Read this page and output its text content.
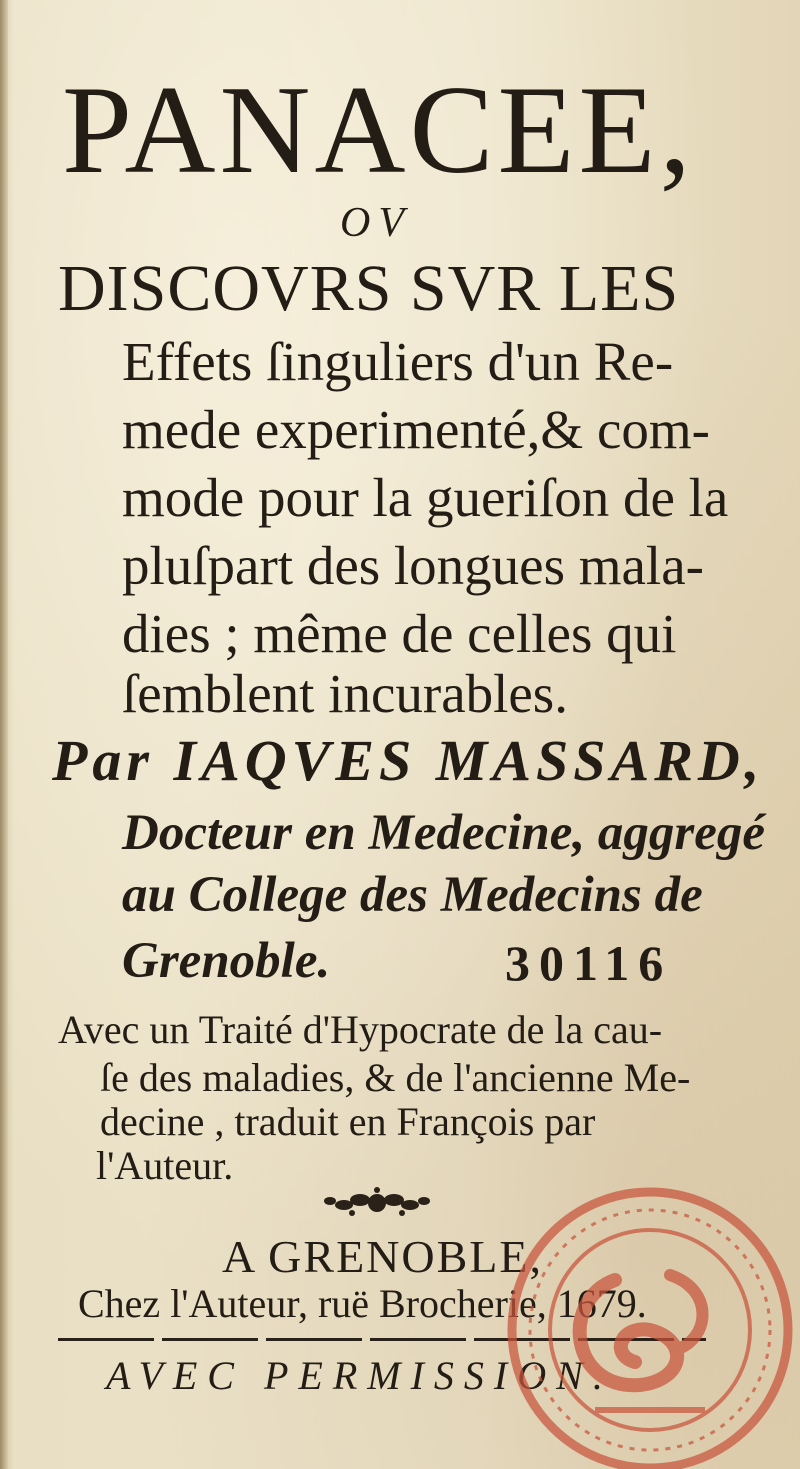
PANACEE,
OV
DISCOVRS SVR LES
Effets ſinguliers d'un Re-
mede experimenté,& com-
mode pour la gueriſon de la
pluſpart des longues mala-
dies ; même de celles qui
ſemblent incurables.
Par IAQVES MASSARD,
Docteur en Medecine, aggregé
au College des Medecins de
Grenoble.	30116
Avec un Traité d'Hypocrate de la cau-
ſe des maladies, & de l'ancienne Me-
decine , traduit en François par
l'Auteur.
A GRENOBLE,
Chez l'Auteur, ruë Brocherie, 1679.
AVEC PERMISSION.
